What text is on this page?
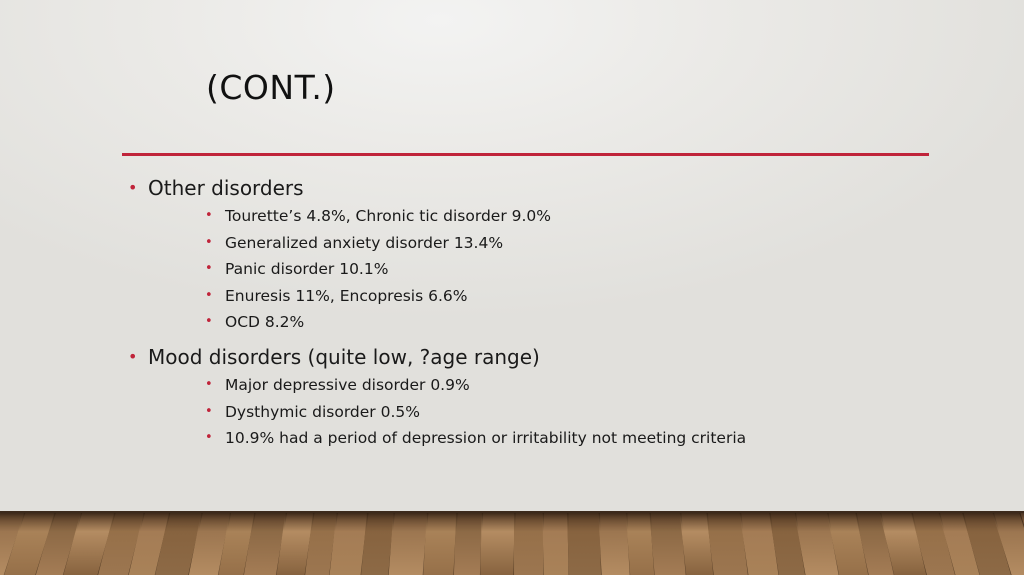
(CONT.)
• Other disorders
• Tourette’s 4.8%, Chronic tic disorder 9.0%
• Generalized anxiety disorder 13.4%
• Panic disorder 10.1%
• Enuresis 11%, Encopresis 6.6%
• OCD 8.2%
• Mood disorders (quite low, ?age range)
• Major depressive disorder 0.9%
• Dysthymic disorder 0.5%
• 10.9% had a period of depression or irritability not meeting criteria
